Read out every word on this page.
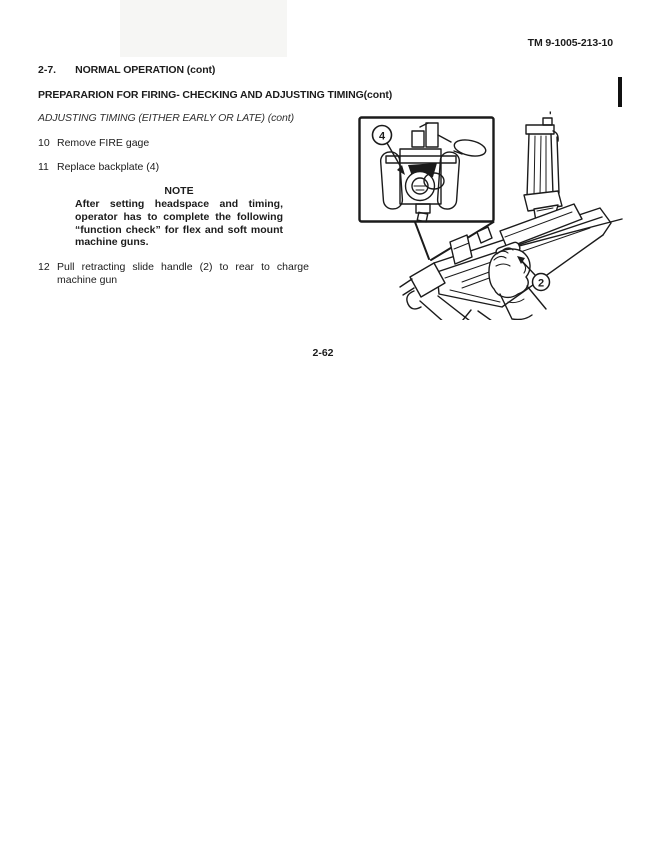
TM 9-1005-213-10
2-7. NORMAL OPERATION (cont)
PREPARARION FOR FIRING- CHECKING AND ADJUSTING TIMING(cont)
ADJUSTING TIMING (EITHER EARLY OR LATE) (cont)
10 Remove FIRE gage
11 Replace backplate (4)
NOTE
After setting headspace and timing, operator has to complete the following “function check” for flex and soft mount machine guns.
12 Pull retracting slide handle (2) to rear to charge machine gun
2-62
'
4
2
